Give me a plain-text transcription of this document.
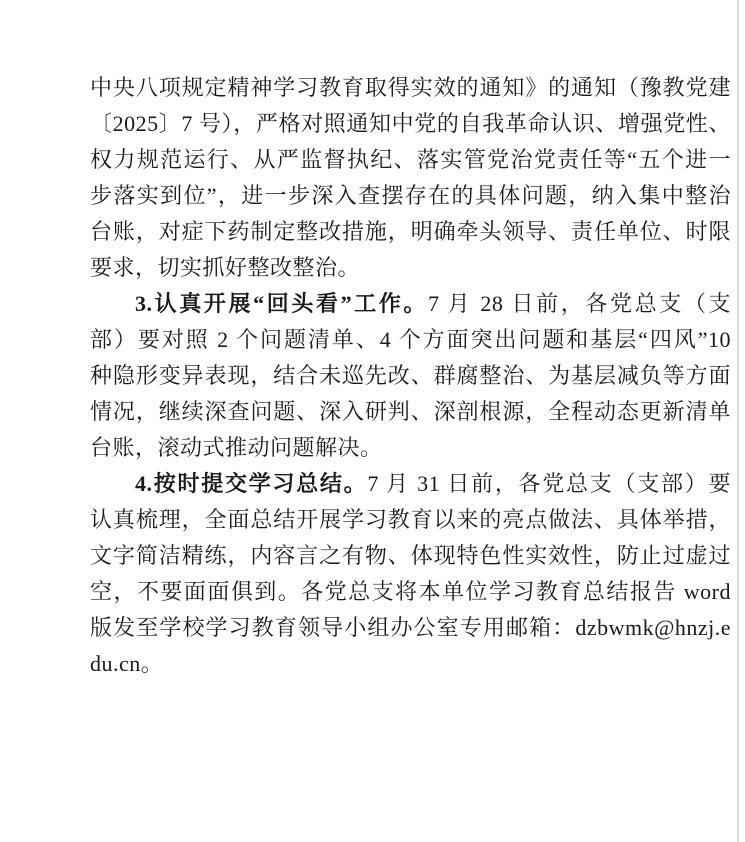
中央八项规定精神学习教育取得实效的通知》的通知（豫教党建
〔2025〕7 号），严格对照通知中党的自我革命认识、增强党性、
权力规范运行、从严监督执纪、落实管党治党责任等“五个进一
步落实到位”，进一步深入查摆存在的具体问题，纳入集中整治
台账，对症下药制定整改措施，明确牵头领导、责任单位、时限
要求，切实抓好整改整治。
3.认真开展“回头看”工作。7 月 28 日前，各党总支（支
部）要对照 2 个问题清单、4 个方面突出问题和基层“四风”10
种隐形变异表现，结合未巡先改、群腐整治、为基层减负等方面
情况，继续深查问题、深入研判、深剖根源，全程动态更新清单
台账，滚动式推动问题解决。
4.按时提交学习总结。7 月 31 日前，各党总支（支部）要
认真梳理，全面总结开展学习教育以来的亮点做法、具体举措，
文字简洁精练，内容言之有物、体现特色性实效性，防止过虚过
空，不要面面俱到。各党总支将本单位学习教育总结报告 word
版发至学校学习教育领导小组办公室专用邮箱：dzbwmk@hnzj.e
du.cn。
